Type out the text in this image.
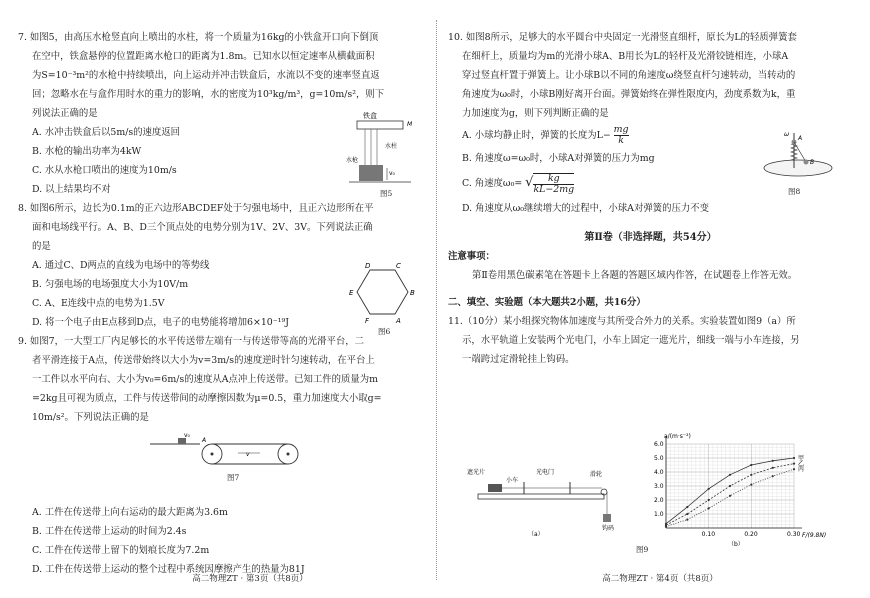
7. 如图5，由高压水枪竖直向上喷出的水柱，将一个质量为16kg的小铁盒开口向下倒顶
在空中，铁盒悬停的位置距离水枪口的距离为1.8m。已知水以恒定速率从横截面积
为S=10⁻³m²的水枪中持续喷出，向上运动并冲击铁盒后，水流以不变的速率竖直返
回；忽略水在与盒作用时水的重力的影响，水的密度为10³kg/m³，g=10m/s²，则下
列说法正确的是
A. 水冲击铁盒后以5m/s的速度返回
B. 水枪的输出功率为4kW
C. 水从水枪口喷出的速度为10m/s
D. 以上结果均不对
8. 如图6所示，边长为0.1m的正六边形ABCDEF处于匀强电场中，且正六边形所在平
面和电场线平行。A、B、D三个顶点处的电势分别为1V、2V、3V。下列说法正确
的是
A. 通过C、D两点的直线为电场中的等势线
B. 匀强电场的电场强度大小为10V/m
C. A、E连线中点的电势为1.5V
D. 将一个电子由E点移到D点，电子的电势能将增加6×10⁻¹⁹J
9. 如图7，一大型工厂内足够长的水平传送带左端有一与传送带等高的光滑平台，二
者平滑连接于A点，传送带始终以大小为v=3m/s的速度逆时针匀速转动，在平台上
一工件以水平向右、大小为v₀=6m/s的速度从A点冲上传送带。已知工件的质量为m
=2kg且可视为质点，工件与传送带间的动摩擦因数为μ=0.5，重力加速度大小取g=
10m/s²。下列说法正确的是
A. 工件在传送带上向右运动的最大距离为3.6m
B. 工件在传送带上运动的时间为2.4s
C. 工件在传送带上留下的划痕长度为7.2m
D. 工件在传送带上运动的整个过程中系统因摩擦产生的热量为81J
铁盒
M
水柱
水枪
v₀
图5
D	C
E	B
F	A
图6
v₀
A
v
图7
高二物理ZT · 第3页（共8页）
10. 如图8所示，足够大的水平圆台中央固定一光滑竖直细杆，原长为L的轻质弹簧套
在细杆上，质量均为m的光滑小球A、B用长为L的轻杆及光滑铰链相连，小球A
穿过竖直杆置于弹簧上。让小球B以不同的角速度ω绕竖直杆匀速转动，当转动的
角速度为ω₀时，小球B刚好离开台面。弹簧始终在弹性限度内，劲度系数为k，重
力加速度为g，则下列判断正确的是
A. 小球均静止时，弹簧的长度为$L- \frac{mg}{k}$
B. 角速度ω=ω₀时，小球A对弹簧的压力为mg
C. 角速度ω₀= √ $\frac{kg}{kL-2mg}$
D. 角速度从ω₀继续增大的过程中，小球A对弹簧的压力不变
第Ⅱ卷（非选择题，共54分）
注意事项：
第Ⅱ卷用黑色碳素笔在答题卡上各题的答题区域内作答，在试题卷上作答无效。
二、填空、实验题（本大题共2小题，共16分）
11.（10分）某小组探究物体加速度与其所受合外力的关系。实验装置如图9（a）所
示，水平轨道上安装两个光电门，小车上固定一遮光片，细线一端与小车连接，另
一端跨过定滑轮挂上钩码。
A
B
ω
图8
遮光片
小车
光电门	滑轮
钩码
（a）	0.10	0.20	0.30
1.0
2.0
3.0
4.0
5.0
6.0
甲
乙
丙
a/(m·s⁻²)
F/(9.8N)
（b）
图9
高二物理ZT · 第4页（共8页）
